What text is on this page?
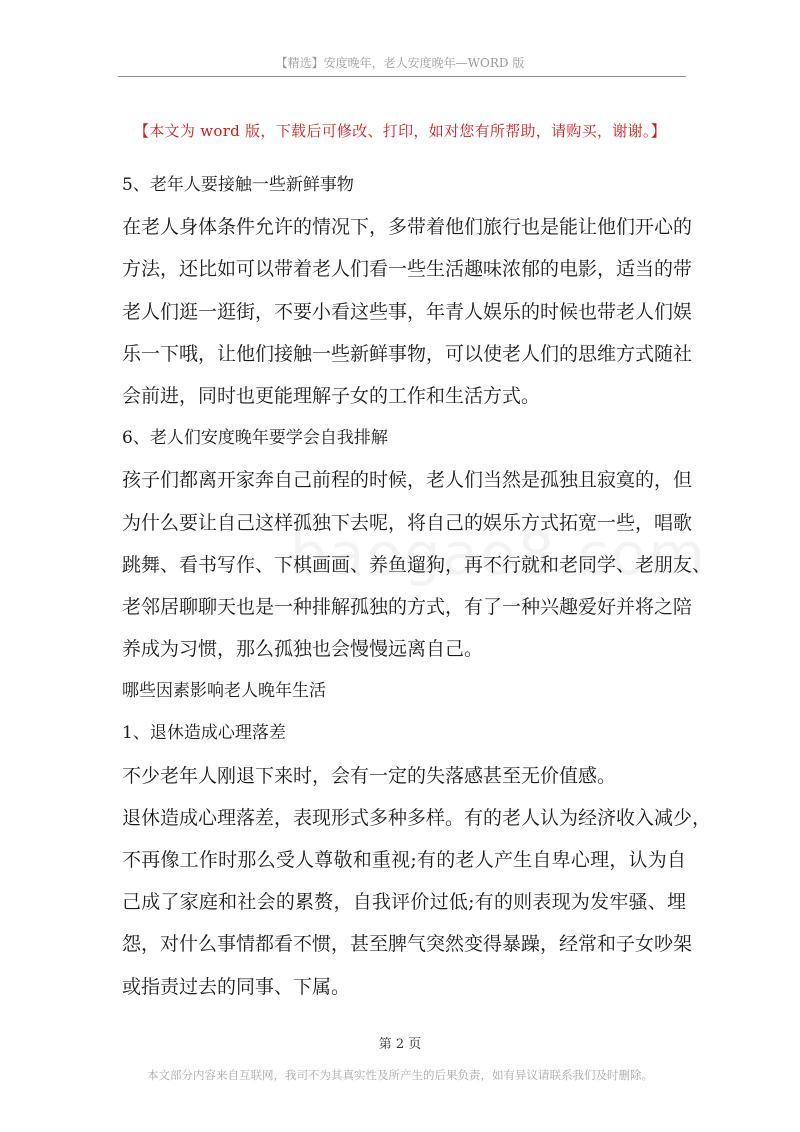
【精选】安度晚年，老人安度晚年—WORD 版
【本文为 word 版，下载后可修改、打印，如对您有所帮助，请购买，谢谢。】
5、老年人要接触一些新鲜事物
在老人身体条件允许的情况下，多带着他们旅行也是能让他们开心的
方法，还比如可以带着老人们看一些生活趣味浓郁的电影，适当的带
老人们逛一逛街，不要小看这些事，年青人娱乐的时候也带老人们娱
乐一下哦，让他们接触一些新鲜事物，可以使老人们的思维方式随社
会前进，同时也更能理解子女的工作和生活方式。
6、老人们安度晚年要学会自我排解
孩子们都离开家奔自己前程的时候，老人们当然是孤独且寂寞的，但
为什么要让自己这样孤独下去呢，将自己的娱乐方式拓宽一些，唱歌
跳舞、看书写作、下棋画画、养鱼遛狗，再不行就和老同学、老朋友、
老邻居聊聊天也是一种排解孤独的方式，有了一种兴趣爱好并将之陪
养成为习惯，那么孤独也会慢慢远离自己。
哪些因素影响老人晚年生活
1、退休造成心理落差
不少老年人刚退下来时，会有一定的失落感甚至无价值感。
退休造成心理落差，表现形式多种多样。有的老人认为经济收入减少，
不再像工作时那么受人尊敬和重视;有的老人产生自卑心理，认为自
己成了家庭和社会的累赘，自我评价过低;有的则表现为发牢骚、埋
怨，对什么事情都看不惯，甚至脾气突然变得暴躁，经常和子女吵架
或指责过去的同事、下属。
第 2 页
本文部分内容来自互联网，我司不为其真实性及所产生的后果负责，如有异议请联系我们及时删除。
